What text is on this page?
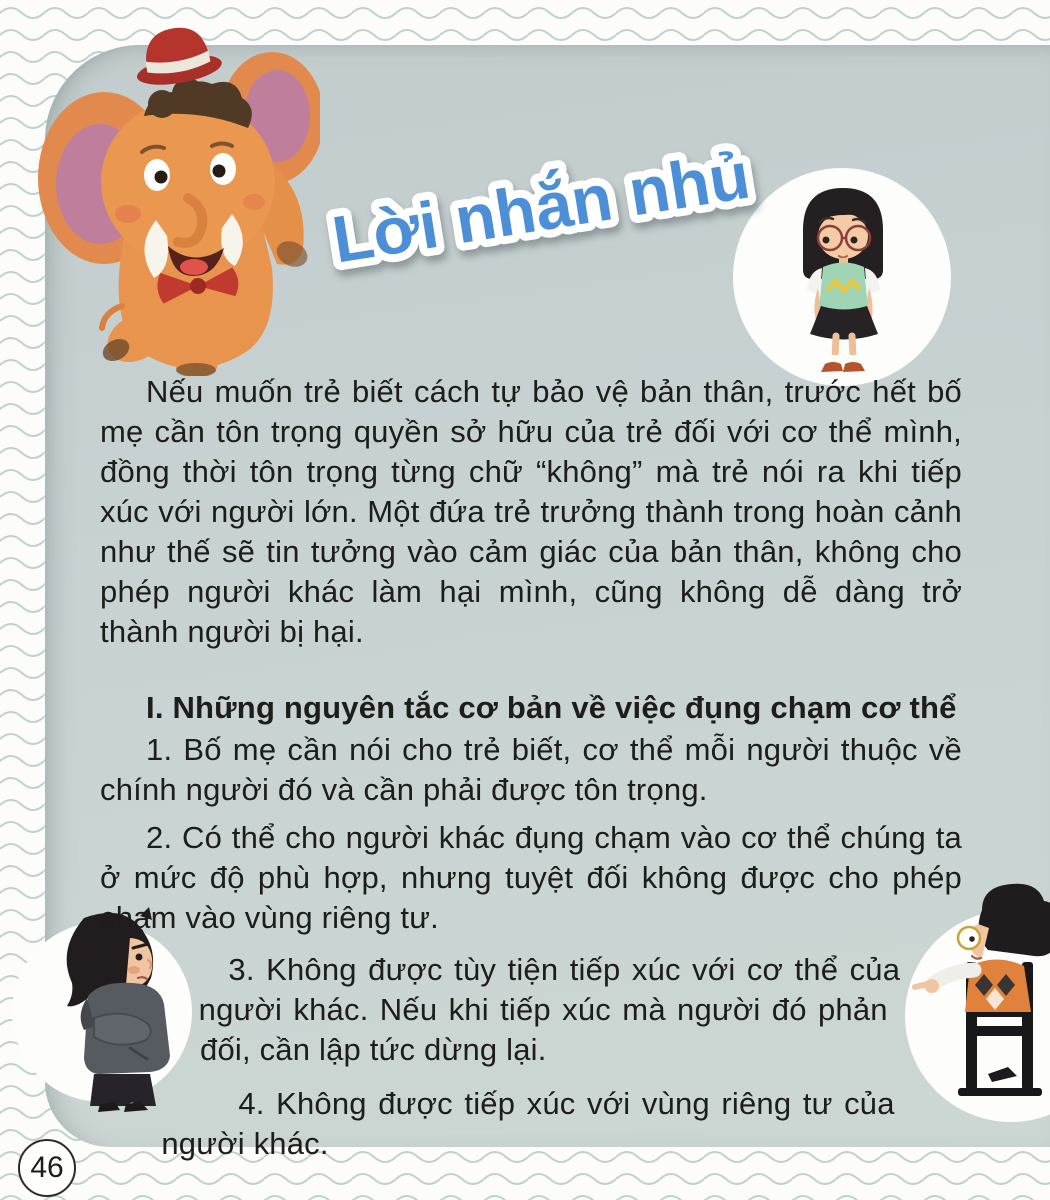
Lời nhắn nhủ

Nếu muốn trẻ biết cách tự bảo vệ bản thân, trước hết bố mẹ cần tôn trọng quyền sở hữu của trẻ đối với cơ thể mình, đồng thời tôn trọng từng chữ “không” mà trẻ nói ra khi tiếp xúc với người lớn. Một đứa trẻ trưởng thành trong hoàn cảnh như thế sẽ tin tưởng vào cảm giác của bản thân, không cho phép người khác làm hại mình, cũng không dễ dàng trở thành người bị hại.

I. Những nguyên tắc cơ bản về việc đụng chạm cơ thể

1. Bố mẹ cần nói cho trẻ biết, cơ thể mỗi người thuộc về chính người đó và cần phải được tôn trọng.

2. Có thể cho người khác đụng chạm vào cơ thể chúng ta ở mức độ phù hợp, nhưng tuyệt đối không được cho phép chạm vào vùng riêng tư.

3. Không được tùy tiện tiếp xúc với cơ thể của người khác. Nếu khi tiếp xúc mà người đó phản đối, cần lập tức dừng lại.

4. Không được tiếp xúc với vùng riêng tư của người khác.

46
